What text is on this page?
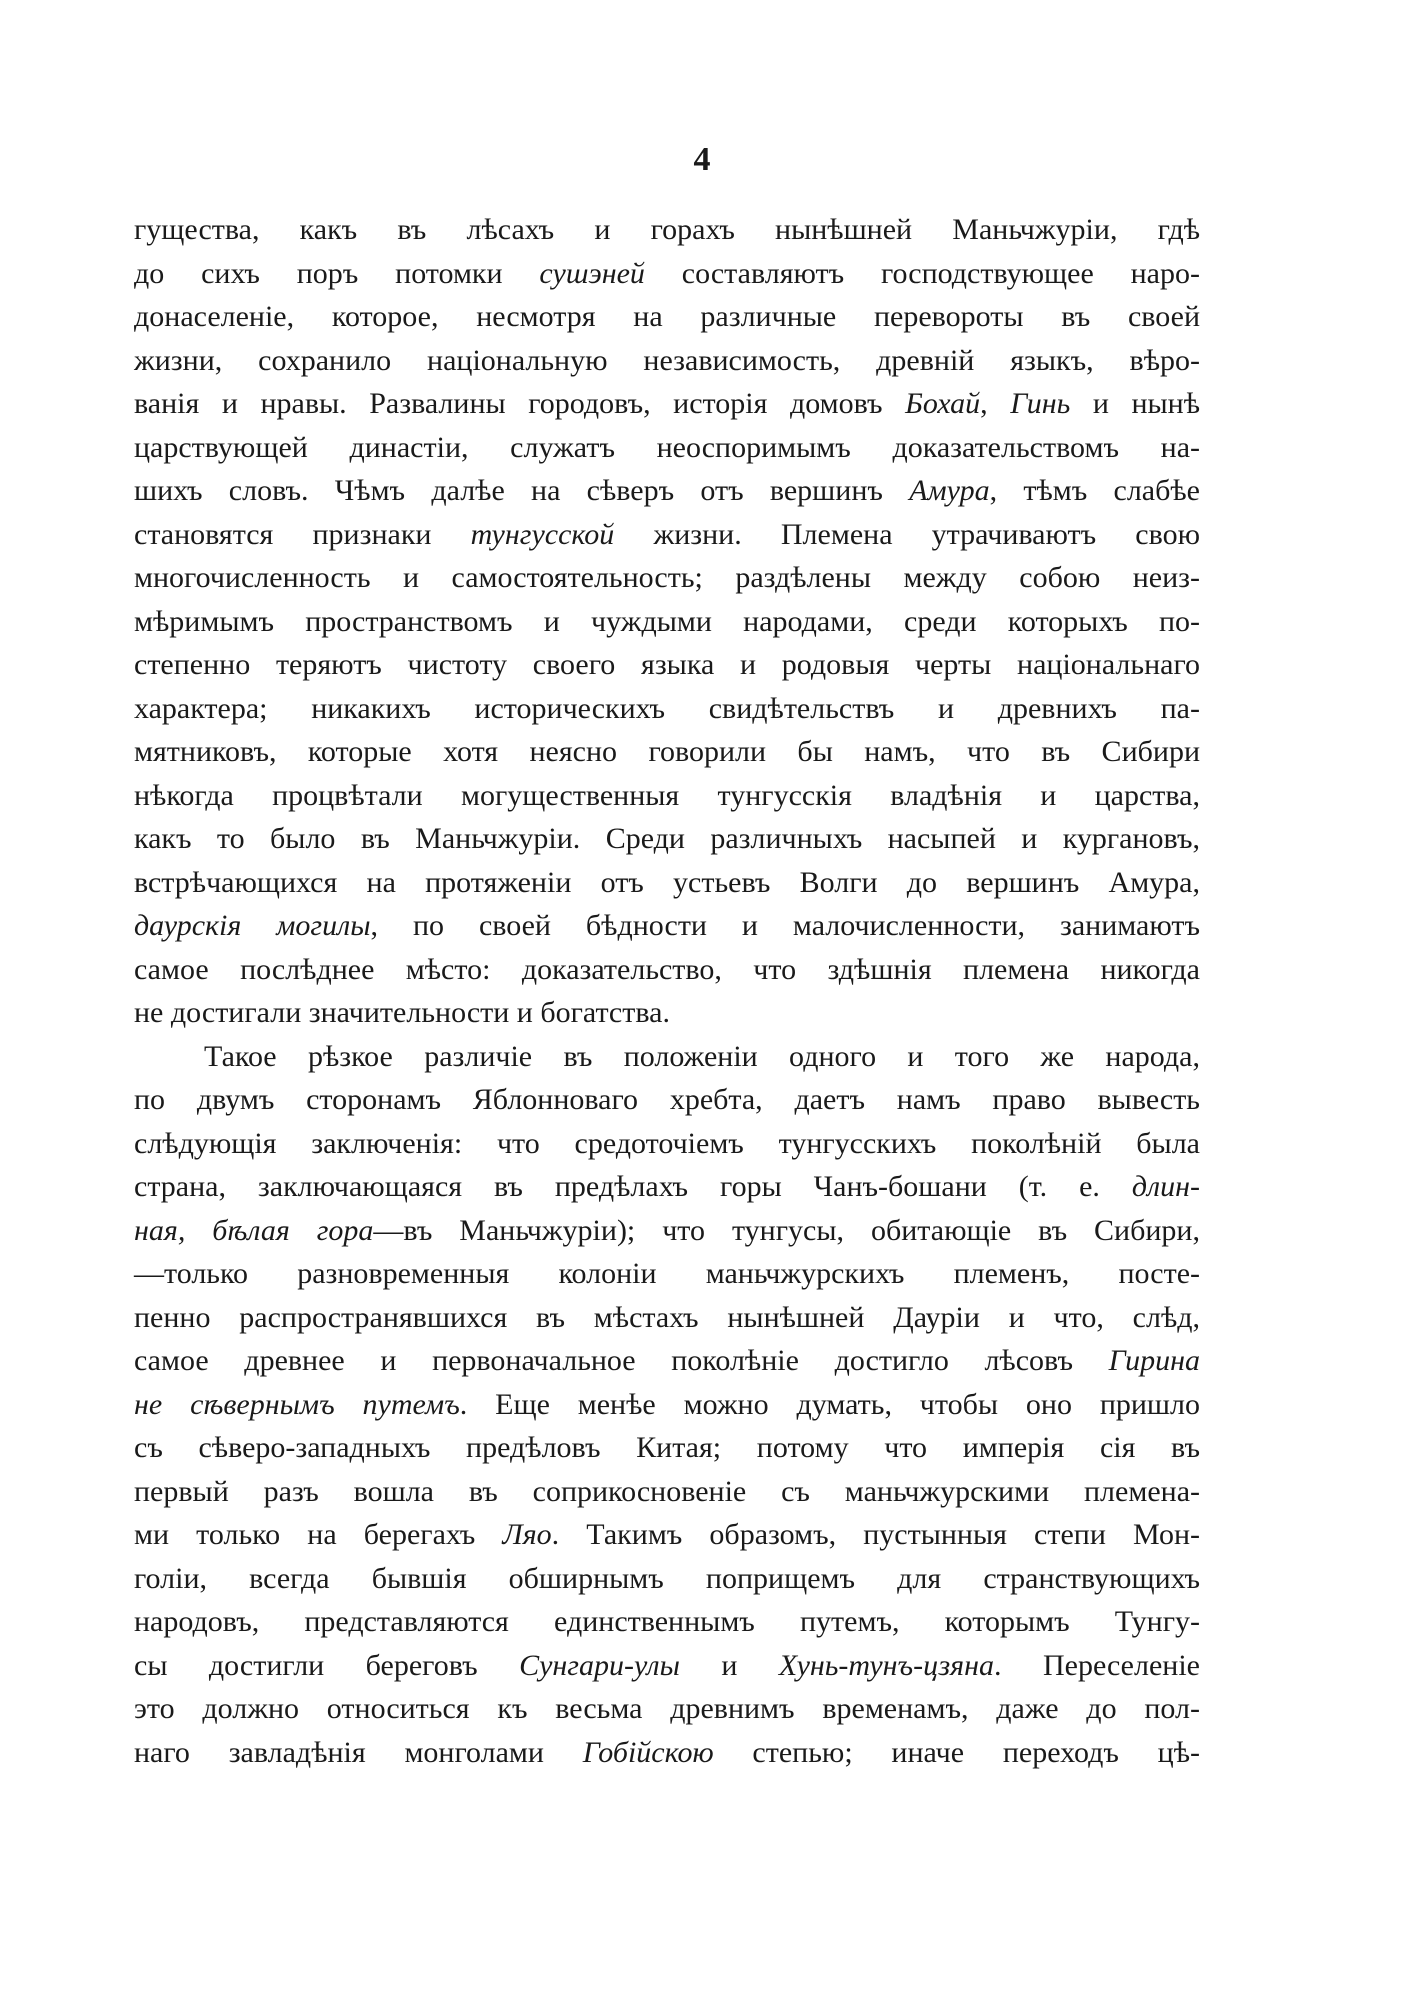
4
гущества, какъ въ лѣсахъ и горахъ нынѣшней Маньчжуріи, гдѣ
до сихъ поръ потомки сушэней составляютъ господствующее наро-
донаселеніе, которое, несмотря на различные перевороты въ своей
жизни, сохранило національную независимость, древній языкъ, вѣро-
ванія и нравы. Развалины городовъ, исторія домовъ Бохай, Гинь и нынѣ
царствующей династіи, служатъ неоспоримымъ доказательствомъ на-
шихъ словъ. Чѣмъ далѣе на сѣверъ отъ вершинъ Амура, тѣмъ слабѣе
становятся признаки тунгусской жизни. Племена утрачиваютъ свою
многочисленность и самостоятельность; раздѣлены между собою неиз-
мѣримымъ пространствомъ и чуждыми народами, среди которыхъ по-
степенно теряютъ чистоту своего языка и родовыя черты національнаго
характера; никакихъ историческихъ свидѣтельствъ и древнихъ па-
мятниковъ, которые хотя неясно говорили бы намъ, что въ Сибири
нѣкогда процвѣтали могущественныя тунгусскія владѣнія и царства,
какъ то было въ Маньчжуріи. Среди различныхъ насыпей и кургановъ,
встрѣчающихся на протяженіи отъ устьевъ Волги до вершинъ Амура,
даурскія могилы, по своей бѣдности и малочисленности, занимаютъ
самое послѣднее мѣсто: доказательство, что здѣшнія племена никогда
не достигали значительности и богатства.
Такое рѣзкое различіе въ положеніи одного и того же народа,
по двумъ сторонамъ Яблонноваго хребта, даетъ намъ право вывесть
слѣдующія заключенія: что средоточіемъ тунгусскихъ поколѣній была
страна, заключающаяся въ предѣлахъ горы Чанъ-бошани (т. е. длин-
ная, бѣлая гора—въ Маньчжуріи); что тунгусы, обитающіе въ Сибири,
—только разновременныя колоніи маньчжурскихъ племенъ, посте-
пенно распространявшихся въ мѣстахъ нынѣшней Дауріи и что, слѣд,
самое древнее и первоначальное поколѣніе достигло лѣсовъ Гирина
не сѣвернымъ путемъ. Еще менѣе можно думать, чтобы оно пришло
съ сѣверо-западныхъ предѣловъ Китая; потому что имперія сія въ
первый разъ вошла въ соприкосновеніе съ маньчжурскими племена-
ми только на берегахъ Ляо. Такимъ образомъ, пустынныя степи Мон-
голіи, всегда бывшія обширнымъ поприщемъ для странствующихъ
народовъ, представляются единственнымъ путемъ, которымъ Тунгу-
сы достигли береговъ Сунгари-улы и Хунь-тунъ-цзяна. Переселеніе
это должно относиться къ весьма древнимъ временамъ, даже до пол-
наго завладѣнія монголами Гобійскою степью; иначе переходъ цѣ-
